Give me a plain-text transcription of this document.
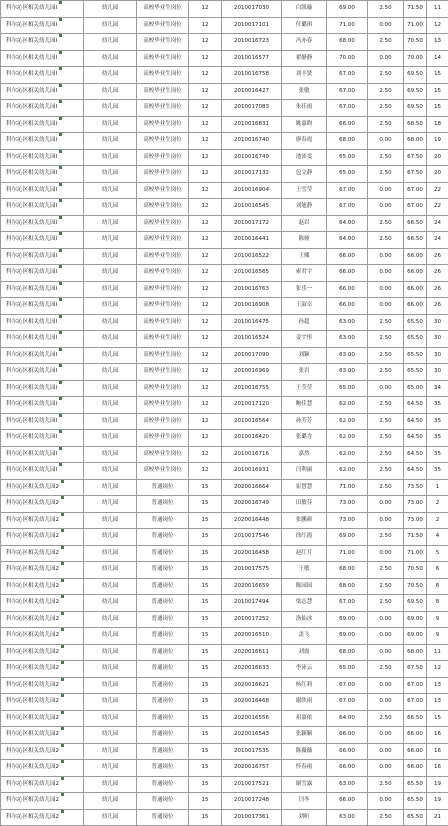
科尔沁区相关幼儿园I	幼儿园	高校毕业生岗位	12	2010017030	白凯璇	69.00	2.50	71.50	11
科尔沁区相关幼儿园I	幼儿园	高校毕业生岗位	12	2010017101	付璐琪	71.00	0.00	71.00	12
科尔沁区相关幼儿园I	幼儿园	高校毕业生岗位	12	2010016723	冯亦春	68.00	2.50	70.50	13
科尔沁区相关幼儿园I	幼儿园	高校毕业生岗位	12	2010016577	翟静静	70.00	0.00	70.00	14
科尔沁区相关幼儿园I	幼儿园	高校毕业生岗位	12	2010016758	刘丰贤	67.00	2.50	69.50	15
科尔沁区相关幼儿园I	幼儿园	高校毕业生岗位	12	2010016427	张敏	67.00	2.50	69.50	15
科尔沁区相关幼儿园I	幼儿园	高校毕业生岗位	12	2010017083	朱佳雨	67.00	2.50	69.50	15
科尔沁区相关幼儿园I	幼儿园	高校毕业生岗位	12	2010016831	姚嘉昀	66.00	2.50	68.50	18
科尔沁区相关幼儿园I	幼儿园	高校毕业生岗位	12	2010016740	廖春霞	68.00	0.00	68.00	19
科尔沁区相关幼儿园I	幼儿园	高校毕业生岗位	12	2010016749	池沛雯	65.00	2.50	67.50	20
科尔沁区相关幼儿园I	幼儿园	高校毕业生岗位	12	2010017132	包文静	65.00	2.50	67.50	20
科尔沁区相关幼儿园I	幼儿园	高校毕业生岗位	12	2010016904	王雪莹	67.00	0.00	67.00	22
科尔沁区相关幼儿园I	幼儿园	高校毕业生岗位	12	2010016545	刘旭静	67.00	0.00	67.00	22
科尔沁区相关幼儿园I	幼儿园	高校毕业生岗位	12	2010017172	赵岩	64.00	2.50	66.50	24
科尔沁区相关幼儿园I	幼儿园	高校毕业生岗位	12	2010016441	陈娅	64.00	2.50	66.50	24
科尔沁区相关幼儿园I	幼儿园	高校毕业生岗位	12	2010016522	王娜	66.00	0.00	66.00	26
科尔沁区相关幼儿园I	幼儿园	高校毕业生岗位	12	2010016565	索君宇	66.00	0.00	66.00	26
科尔沁区相关幼儿园I	幼儿园	高校毕业生岗位	12	2010016763	张乐一	66.00	0.00	66.00	26
科尔沁区相关幼儿园I	幼儿园	高校毕业生岗位	12	2010016908	王淑卓	66.00	0.00	66.00	26
科尔沁区相关幼儿园I	幼儿园	高校毕业生岗位	12	2010016475	孙超	63.00	2.50	65.50	30
科尔沁区相关幼儿园I	幼儿园	高校毕业生岗位	12	2010016524	姜宇彤	63.00	2.50	65.50	30
科尔沁区相关幼儿园I	幼儿园	高校毕业生岗位	12	2010017090	刘颖	63.00	2.50	65.50	30
科尔沁区相关幼儿园I	幼儿园	高校毕业生岗位	12	2010016969	张岩	63.00	2.50	65.50	30
科尔沁区相关幼儿园I	幼儿园	高校毕业生岗位	12	2010016755	王莹莹	65.00	0.00	65.00	34
科尔沁区相关幼儿园I	幼儿园	高校毕业生岗位	12	2010017120	鲍佳慧	62.00	2.50	64.50	35
科尔沁区相关幼儿园I	幼儿园	高校毕业生岗位	12	2010016564	孙芳芳	62.00	2.50	64.50	35
科尔沁区相关幼儿园I	幼儿园	高校毕业生岗位	12	2010016420	张璐含	62.00	2.50	64.50	35
科尔沁区相关幼儿园I	幼儿园	高校毕业生岗位	12	2010016716	嘉然	62.00	2.50	64.50	35
科尔沁区相关幼儿园I	幼儿园	高校毕业生岗位	12	2010016931	闫利丽	62.00	2.50	64.50	35
科尔沁区相关幼儿园2	幼儿园	普通岗位	15	2020016664	崔慧慧	71.00	2.50	73.50	1
科尔沁区相关幼儿园2	幼儿园	普通岗位	15	2020016749	田敏芬	73.00	0.00	73.00	2
科尔沁区相关幼儿园2	幼儿园	普通岗位	15	2020016448	张鹏颜	73.00	0.00	73.00	2
科尔沁区相关幼儿园2	幼儿园	普通岗位	15	2010017546	徐红霞	69.00	2.50	71.50	4
科尔沁区相关幼儿园2	幼儿园	普通岗位	15	2020016458	赵红月	71.00	0.00	71.00	5
科尔沁区相关幼儿园2	幼儿园	普通岗位	15	2010017575	王敏	68.00	2.50	70.50	6
科尔沁区相关幼儿园2	幼儿园	普通岗位	15	2020016659	陈园园	68.00	2.50	70.50	6
科尔沁区相关幼儿园2	幼儿园	普通岗位	15	2010017494	梁志慧	67.00	2.50	69.50	8
科尔沁区相关幼儿园2	幼儿园	普通岗位	15	2010017252	洛仙冰	69.00	0.00	69.00	9
科尔沁区相关幼儿园2	幼儿园	普通岗位	15	2020016510	盖飞	69.00	0.00	69.00	9
科尔沁区相关幼儿园2	幼儿园	普通岗位	15	2020016611	刘震	68.00	0.00	68.00	11
科尔沁区相关幼儿园2	幼儿园	普通岗位	15	2020016633	李沛云	65.00	2.50	67.50	12
科尔沁区相关幼儿园2	幼儿园	普通岗位	15	2020016621	杨红莉	67.00	0.00	67.00	13
科尔沁区相关幼儿园2	幼儿园	普通岗位	15	2020016468	谢欣雨	67.00	0.00	67.00	13
科尔沁区相关幼儿园2	幼儿园	普通岗位	15	2020016556	祖嘉依	64.00	2.50	66.50	15
科尔沁区相关幼儿园2	幼儿园	普通岗位	15	2020016543	张颖颖	66.00	0.00	66.00	16
科尔沁区相关幼儿园2	幼儿园	普通岗位	15	2010017535	陈薇薇	66.00	0.00	66.00	16
科尔沁区相关幼儿园2	幼儿园	普通岗位	15	2020016757	怀春雨	66.00	0.00	66.00	16
科尔沁区相关幼儿园2	幼儿园	普通岗位	15	2010017521	谢雪露	63.00	2.50	65.50	19
科尔沁区相关幼儿园2	幼儿园	普通岗位	15	2010017248	闫冬	66.00	0.00	65.50	19
科尔沁区相关幼儿园2	幼儿园	普通岗位	15	2010017361	刘昕	63.00	2.50	65.50	21
